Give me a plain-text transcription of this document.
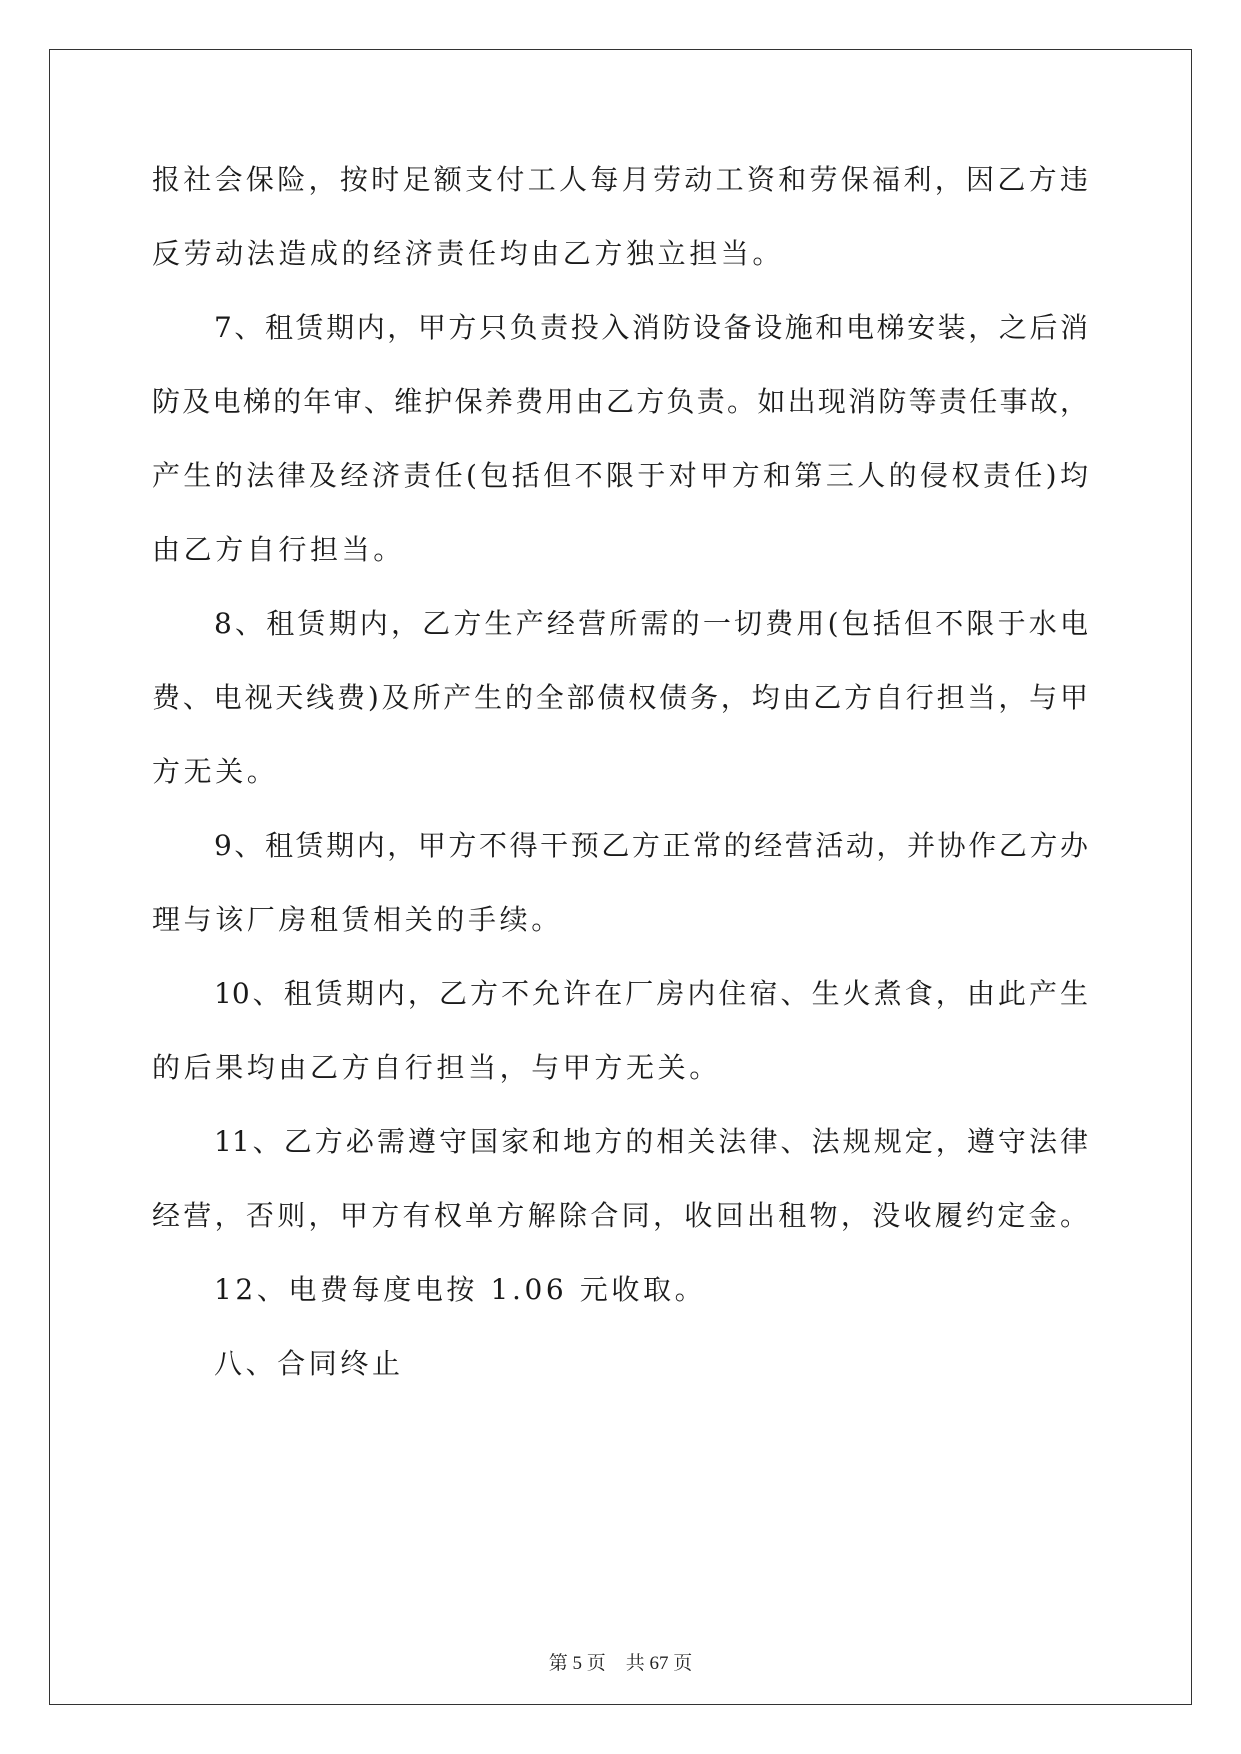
报社会保险，按时足额支付工人每月劳动工资和劳保福利，因乙方违
反劳动法造成的经济责任均由乙方独立担当。
7、租赁期内，甲方只负责投入消防设备设施和电梯安装，之后消
防及电梯的年审、维护保养费用由乙方负责。如出现消防等责任事故，
产生的法律及经济责任(包括但不限于对甲方和第三人的侵权责任)均
由乙方自行担当。
8、租赁期内，乙方生产经营所需的一切费用(包括但不限于水电
费、电视天线费)及所产生的全部债权债务，均由乙方自行担当，与甲
方无关。
9、租赁期内，甲方不得干预乙方正常的经营活动，并协作乙方办
理与该厂房租赁相关的手续。
10、租赁期内，乙方不允许在厂房内住宿、生火煮食，由此产生
的后果均由乙方自行担当，与甲方无关。
11、乙方必需遵守国家和地方的相关法律、法规规定，遵守法律
经营，否则，甲方有权单方解除合同，收回出租物，没收履约定金。
12、电费每度电按 1.06 元收取。
八、合同终止
第 5 页 共 67 页
